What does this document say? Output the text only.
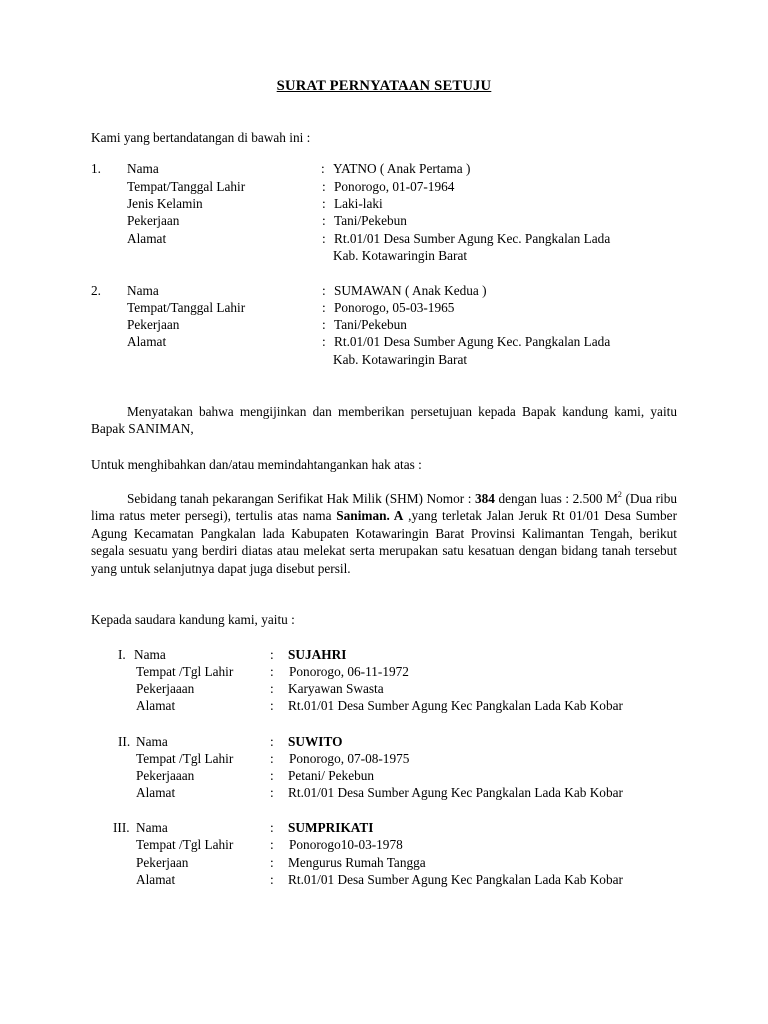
SURAT PERNYATAAN SETUJU
Kami yang bertandatangan di bawah ini :
1. Nama	: YATNO ( Anak Pertama )
Tempat/Tanggal Lahir	: Ponorogo, 01-07-1964
Jenis Kelamin	: Laki-laki
Pekerjaan	: Tani/Pekebun
Alamat	: Rt.01/01 Desa Sumber Agung Kec. Pangkalan Lada
Kab. Kotawaringin Barat
2. Nama	: SUMAWAN ( Anak Kedua )
Tempat/Tanggal Lahir	: Ponorogo, 05-03-1965
Pekerjaan	: Tani/Pekebun
Alamat	: Rt.01/01 Desa Sumber Agung Kec. Pangkalan Lada
Kab. Kotawaringin Barat
Menyatakan bahwa mengijinkan dan memberikan persetujuan kepada Bapak kandung kami, yaitu Bapak SANIMAN,
Untuk menghibahkan dan/atau memindahtangankan hak atas :
Sebidang tanah pekarangan Serifikat Hak Milik (SHM) Nomor : 384 dengan luas : 2.500 $M^2$ (Dua ribu lima ratus meter persegi), tertulis atas nama Saniman. A ,yang terletak Jalan Jeruk Rt 01/01 Desa Sumber Agung Kecamatan Pangkalan lada Kabupaten Kotawaringin Barat Provinsi Kalimantan Tengah, berikut segala sesuatu yang berdiri diatas atau melekat serta merupakan satu kesatuan dengan bidang tanah tersebut yang untuk selanjutnya dapat juga disebut persil.
Kepada saudara kandung kami, yaitu :
I. Nama	: SUJAHRI
Tempat /Tgl Lahir	: Ponorogo, 06-11-1972
Pekerjaaan	: Karyawan Swasta
Alamat	: Rt.01/01 Desa Sumber Agung Kec Pangkalan Lada Kab Kobar
II. Nama	: SUWITO
Tempat /Tgl Lahir	: Ponorogo, 07-08-1975
Pekerjaaan	: Petani/ Pekebun
Alamat	: Rt.01/01 Desa Sumber Agung Kec Pangkalan Lada Kab Kobar
III. Nama	: SUMPRIKATI
Tempat /Tgl Lahir	: Ponorogo10-03-1978
Pekerjaan	: Mengurus Rumah Tangga
Alamat	: Rt.01/01 Desa Sumber Agung Kec Pangkalan Lada Kab Kobar
